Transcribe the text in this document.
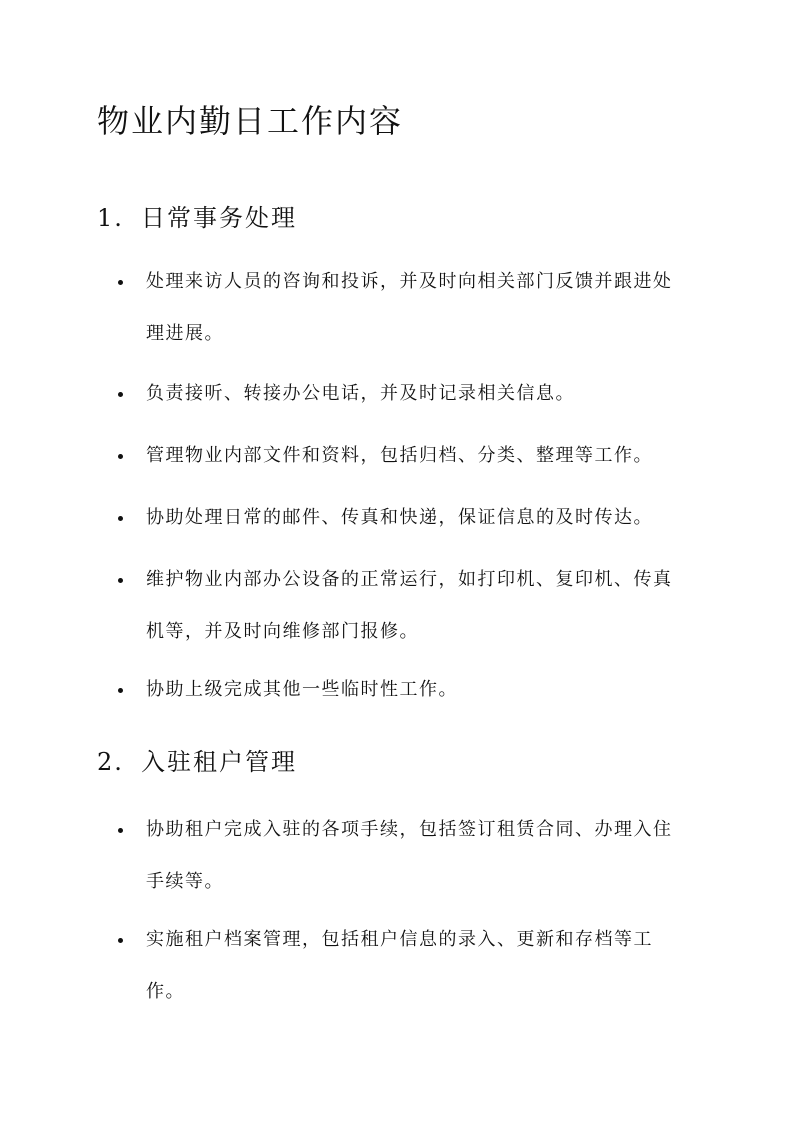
物业内勤日工作内容
1. 日常事务处理
处理来访人员的咨询和投诉，并及时向相关部门反馈并跟进处理进展。
负责接听、转接办公电话，并及时记录相关信息。
管理物业内部文件和资料，包括归档、分类、整理等工作。
协助处理日常的邮件、传真和快递，保证信息的及时传达。
维护物业内部办公设备的正常运行，如打印机、复印机、传真机等，并及时向维修部门报修。
协助上级完成其他一些临时性工作。
2. 入驻租户管理
协助租户完成入驻的各项手续，包括签订租赁合同、办理入住手续等。
实施租户档案管理，包括租户信息的录入、更新和存档等工作。
